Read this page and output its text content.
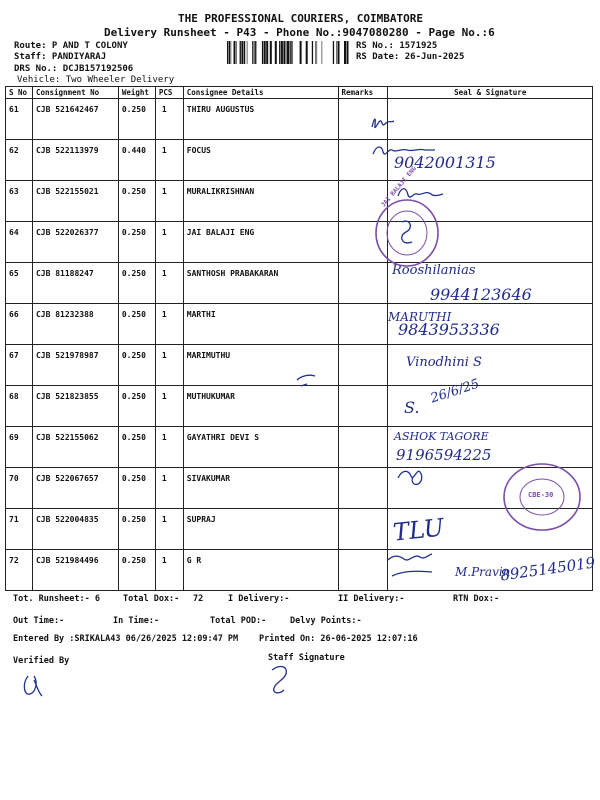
THE PROFESSIONAL COURIERS, COIMBATORE
Delivery Runsheet - P43 - Phone No.:9047080280 - Page No.:6
Route: P AND T COLONY
Staff: PANDIYARAJ
DRS No.: DCJB157192506
Vehicle: Two Wheeler Delivery
RS No.: 1571925
RS Date: 26-Jun-2025
S No	Consignment No	Weight	PCS	Consignee Details	Remarks	Seal & Signature
61	CJB 521642467	0.250	1	THIRU AUGUSTUS		
62	CJB 522113979	0.440	1	FOCUS		
63	CJB 522155021	0.250	1	MURALIKRISHNAN		
64	CJB 522026377	0.250	1	JAI BALAJI ENG		
65	CJB 81188247	0.250	1	SANTHOSH PRABAKARAN		
66	CJB 81232388	0.250	1	MARTHI		
67	CJB 521978987	0.250	1	MARIMUTHU		
68	CJB 521823855	0.250	1	MUTHUKUMAR		
69	CJB 522155062	0.250	1	GAYATHRI DEVI S		
70	CJB 522067657	0.250	1	SIVAKUMAR		
71	CJB 522004835	0.250	1	SUPRAJ		
72	CJB 521984496	0.250	1	G R		
9042001315
Rooshilanias
9944123646
MARUTHI
9843953336
Vinodhini S
S.
26/6/25
ASHOK TAGORE
9196594225
TLU
M.Pravin
8925145019
JAI BALAJI ENG
CBE-30
Tot. Runsheet:- 6	Total Dox:- 72	I Delivery:-	II Delivery:-	RTN Dox:-
Out Time:-	In Time:-	Total POD:-	Delvy Points:-
Entered By :SRIKALA43 06/26/2025 12:09:47 PM Printed On: 26-06-2025 12:07:16
Verified By	Staff Signature
